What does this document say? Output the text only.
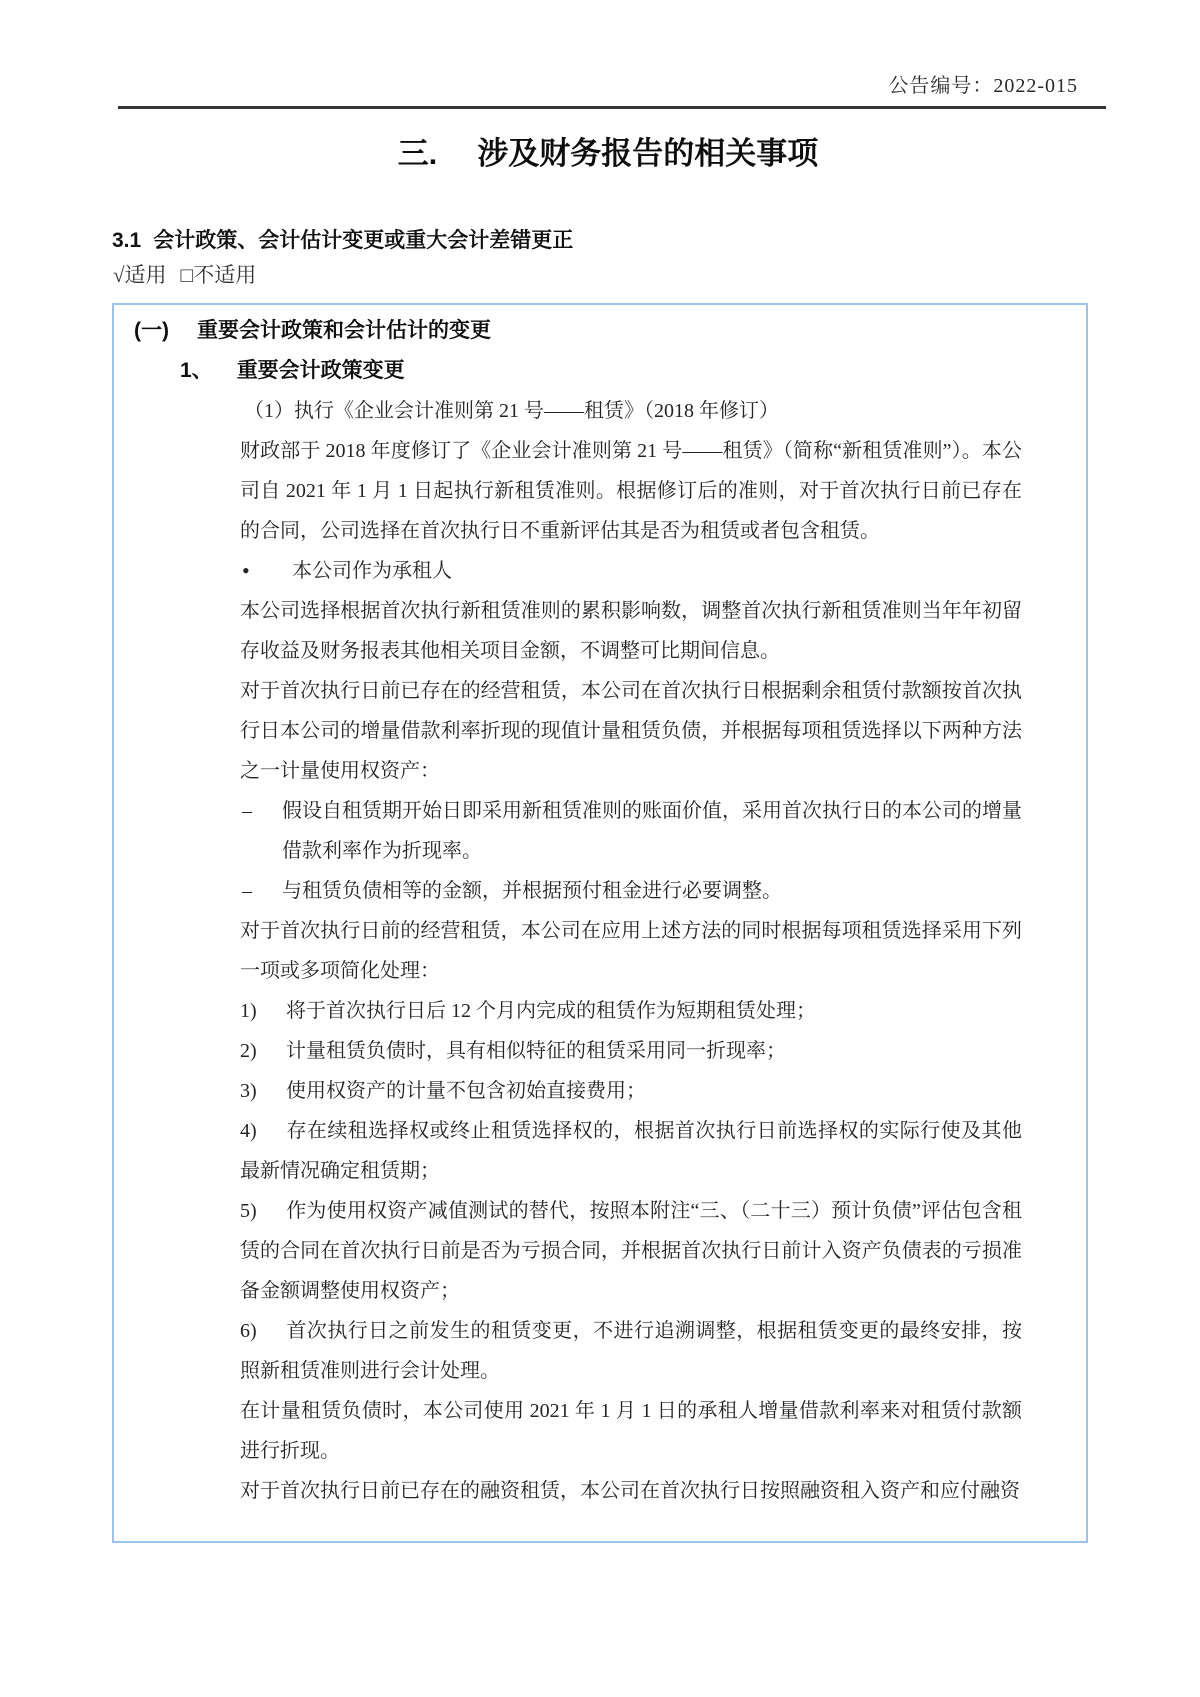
公告编号：2022-015
三. 涉及财务报告的相关事项
3.1 会计政策、会计估计变更或重大会计差错更正
√适用 □不适用
(一) 重要会计政策和会计估计的变更
1、 重要会计政策变更

（1）执行《企业会计准则第 21 号——租赁》（2018 年修订）

财政部于 2018 年度修订了《企业会计准则第 21 号——租赁》（简称“新租赁准则”）。本公司自 2021 年 1 月 1 日起执行新租赁准则。根据修订后的准则，对于首次执行日前已存在的合同，公司选择在首次执行日不重新评估其是否为租赁或者包含租赁。

• 本公司作为承租人

本公司选择根据首次执行新租赁准则的累积影响数，调整首次执行新租赁准则当年年初留存收益及财务报表其他相关项目金额，不调整可比期间信息。

对于首次执行日前已存在的经营租赁，本公司在首次执行日根据剩余租赁付款额按首次执行日本公司的增量借款利率折现的现值计量租赁负债，并根据每项租赁选择以下两种方法之一计量使用权资产：

– 假设自租赁期开始日即采用新租赁准则的账面价值，采用首次执行日的本公司的增量借款利率作为折现率。

– 与租赁负债相等的金额，并根据预付租金进行必要调整。

对于首次执行日前的经营租赁，本公司在应用上述方法的同时根据每项租赁选择采用下列一项或多项简化处理：

1) 将于首次执行日后 12 个月内完成的租赁作为短期租赁处理；

2) 计量租赁负债时，具有相似特征的租赁采用同一折现率；

3) 使用权资产的计量不包含初始直接费用；

4) 存在续租选择权或终止租赁选择权的，根据首次执行日前选择权的实际行使及其他最新情况确定租赁期；

5) 作为使用权资产减值测试的替代，按照本附注“三、（二十三）预计负债”评估包含租赁的合同在首次执行日前是否为亏损合同，并根据首次执行日前计入资产负债表的亏损准备金额调整使用权资产；

6) 首次执行日之前发生的租赁变更，不进行追溯调整，根据租赁变更的最终安排，按照新租赁准则进行会计处理。

在计量租赁负债时，本公司使用 2021 年 1 月 1 日的承租人增量借款利率来对租赁付款额进行折现。

对于首次执行日前已存在的融资租赁，本公司在首次执行日按照融资租入资产和应付融资
